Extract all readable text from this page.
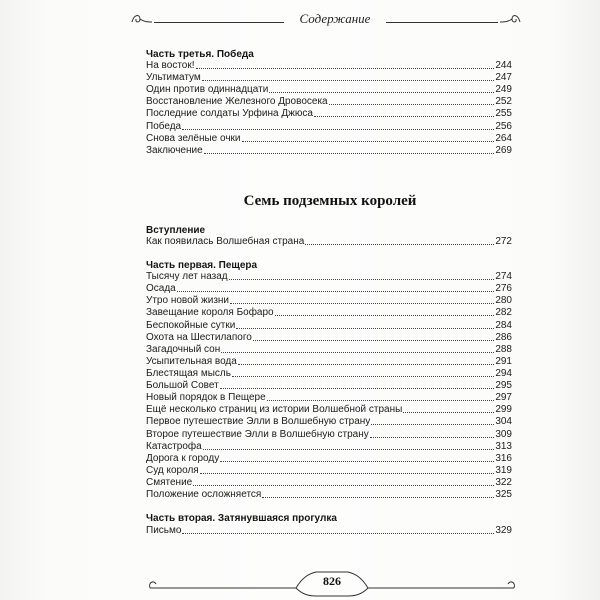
Содержание
Часть третья. Победа
На восток!	244
Ультиматум	247
Один против одиннадцати	249
Восстановление Железного Дровосека	252
Последние солдаты Урфина Джюса	255
Победа	256
Снова зелёные очки	264
Заключение	269
Семь подземных королей
Вступление
Как появилась Волшебная страна	272
Часть первая. Пещера
Тысячу лет назад	274
Осада	276
Утро новой жизни	280
Завещание короля Бофаро	282
Беспокойные сутки	284
Охота на Шестилапого	286
Загадочный сон	288
Усыпительная вода	291
Блестящая мысль	294
Большой Совет	295
Новый порядок в Пещере	297
Ещё несколько страниц из истории Волшебной страны	299
Первое путешествие Элли в Волшебную страну	304
Второе путешествие Элли в Волшебную страну	309
Катастрофа	313
Дорога к городу	316
Суд короля	319
Смятение	322
Положение осложняется	325
Часть вторая. Затянувшаяся прогулка
Письмо	329
826
